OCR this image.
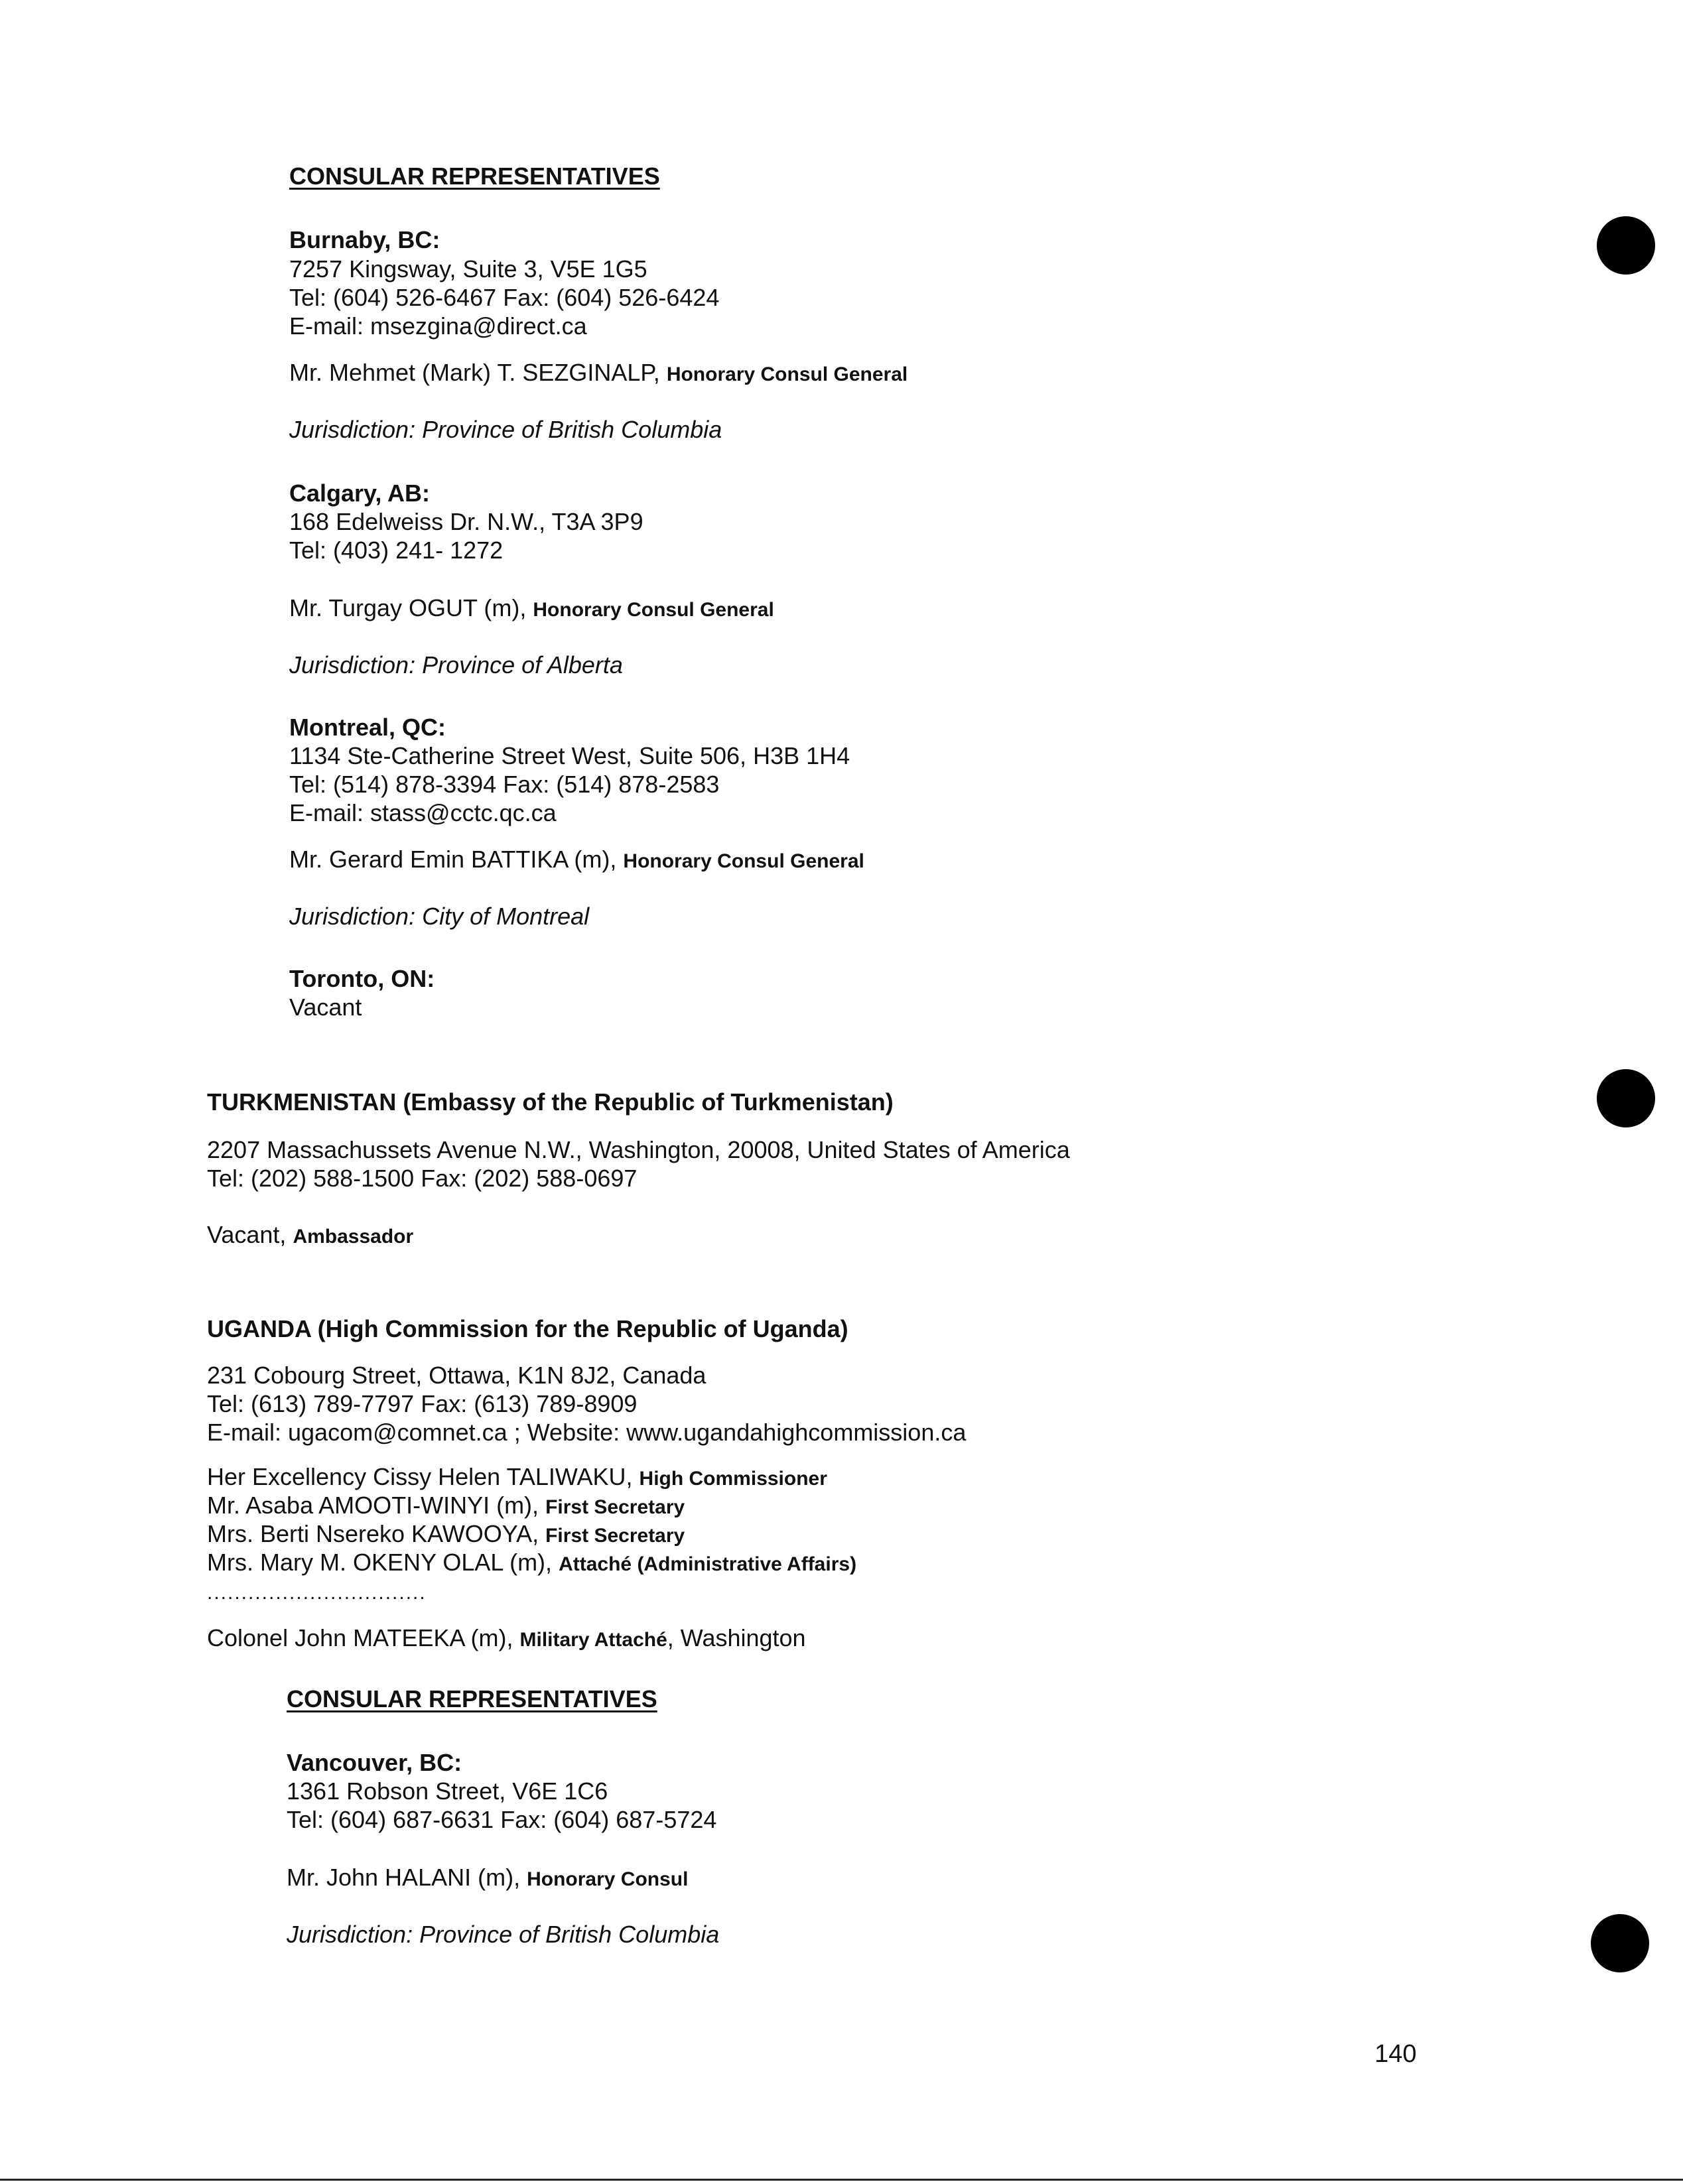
CONSULAR REPRESENTATIVES
Burnaby, BC:
7257 Kingsway, Suite 3, V5E 1G5
Tel: (604) 526-6467 Fax: (604) 526-6424
E-mail: msezgina@direct.ca
Mr. Mehmet (Mark) T. SEZGINALP, Honorary Consul General
Jurisdiction: Province of British Columbia
Calgary, AB:
168 Edelweiss Dr. N.W., T3A 3P9
Tel: (403) 241- 1272
Mr. Turgay OGUT (m), Honorary Consul General
Jurisdiction: Province of Alberta
Montreal, QC:
1134 Ste-Catherine Street West, Suite 506, H3B 1H4
Tel: (514) 878-3394 Fax: (514) 878-2583
E-mail: stass@cctc.qc.ca
Mr. Gerard Emin BATTIKA (m), Honorary Consul General
Jurisdiction: City of Montreal
Toronto, ON:
Vacant
TURKMENISTAN (Embassy of the Republic of Turkmenistan)
2207 Massachussets Avenue N.W., Washington, 20008, United States of America
Tel: (202) 588-1500 Fax: (202) 588-0697
Vacant, Ambassador
UGANDA (High Commission for the Republic of Uganda)
231 Cobourg Street, Ottawa, K1N 8J2, Canada
Tel: (613) 789-7797 Fax: (613) 789-8909
E-mail: ugacom@comnet.ca ; Website: www.ugandahighcommission.ca
Her Excellency Cissy Helen TALIWAKU, High Commissioner
Mr. Asaba AMOOTI-WINYI (m), First Secretary
Mrs. Berti Nsereko KAWOOYA, First Secretary
Mrs. Mary M. OKENY OLAL (m), Attaché (Administrative Affairs)
................................
Colonel John MATEEKA (m), Military Attaché, Washington
CONSULAR REPRESENTATIVES
Vancouver, BC:
1361 Robson Street, V6E 1C6
Tel: (604) 687-6631 Fax: (604) 687-5724
Mr. John HALANI (m), Honorary Consul
Jurisdiction: Province of British Columbia
140
